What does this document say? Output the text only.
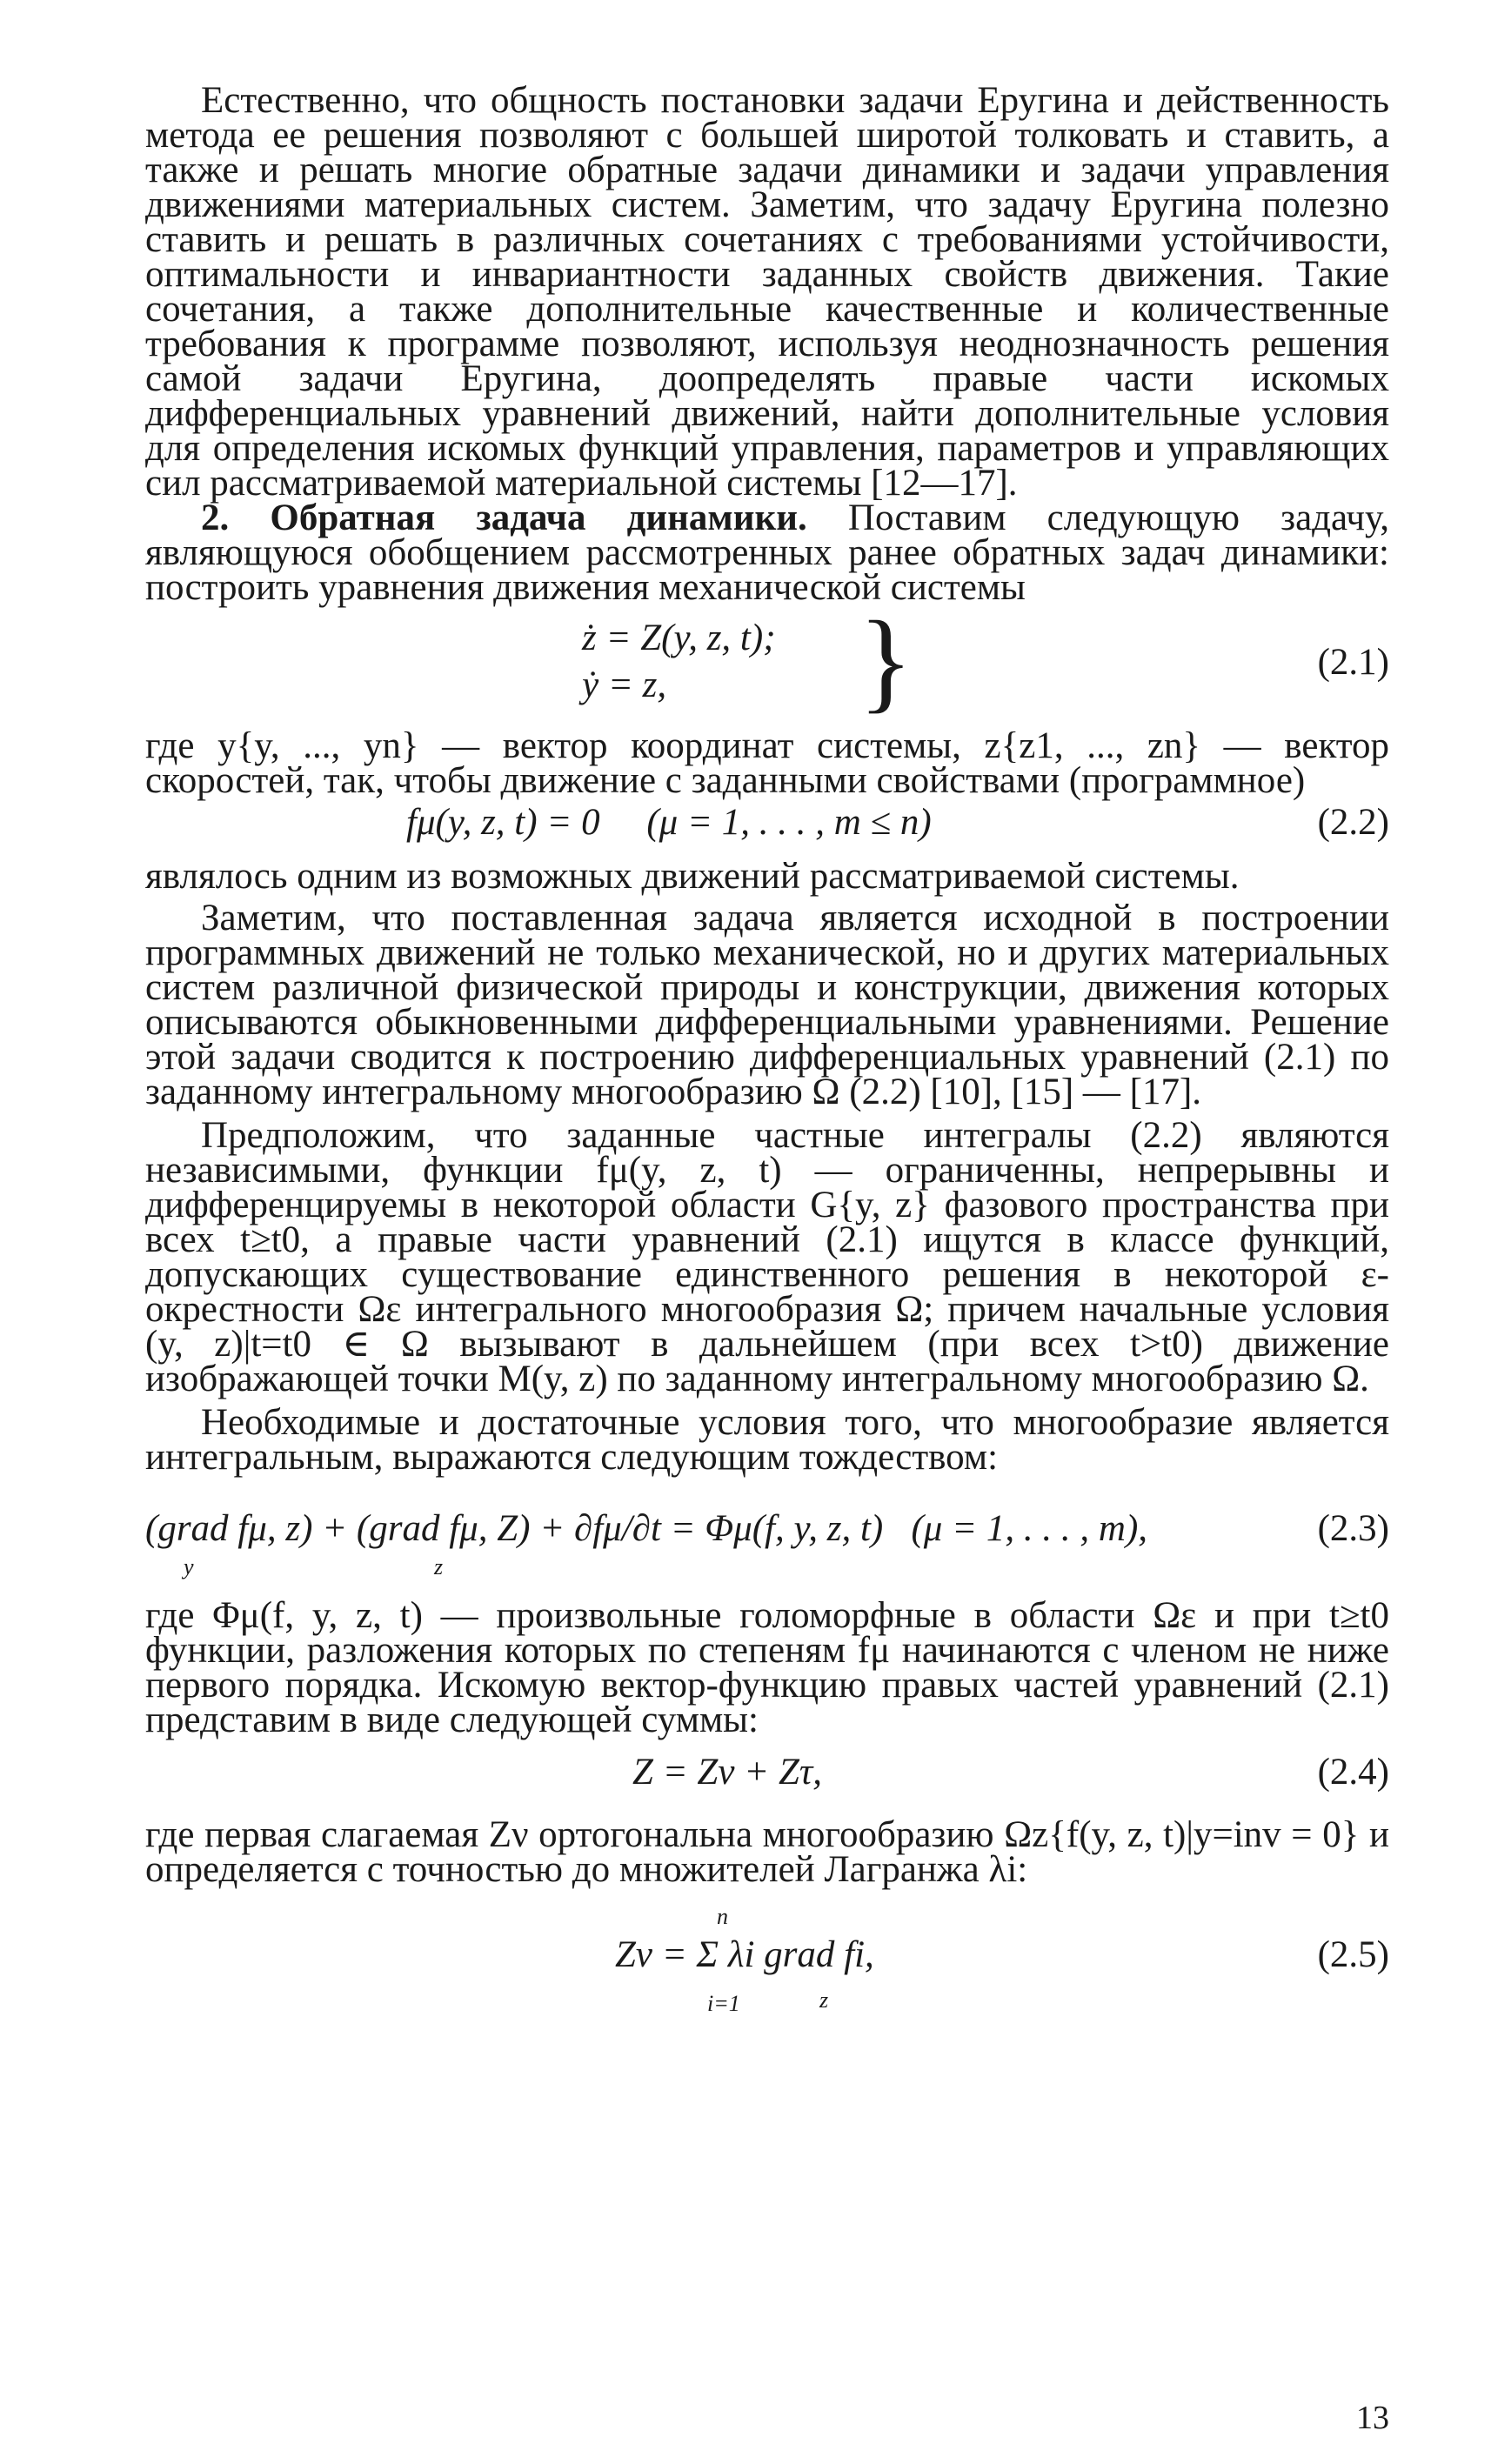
Естественно, что общность постановки задачи Еругина и действенность метода ее решения позволяют с большей широтой толковать и ставить, а также и решать многие обратные задачи динамики и задачи управления движениями материальных систем. Заметим, что задачу Еругина полезно ставить и решать в различных сочетаниях с требованиями устойчивости, оптимальности и инвариантности заданных свойств движения. Такие сочетания, а также дополнительные качественные и количественные требования к программе позволяют, используя неоднозначность решения самой задачи Еругина, доопределять правые части искомых дифференциальных уравнений движений, найти дополнительные условия для определения искомых функций управления, параметров и управляющих сил рассматриваемой материальной системы [12—17].

2. Обратная задача динамики. Поставим следующую задачу, являющуюся обобщением рассмотренных ранее обратных задач динамики: построить уравнения движения механической системы

ż = Z(y, z, t);
ẏ = z, }	(2.1)

где y{y, ..., yn} — вектор координат системы, z{z1, ..., zn} — вектор скоростей, так, чтобы движение с заданными свойствами (программное)

fμ(y, z, t) = 0     (μ = 1, . . . , m ≤ n)	(2.2)

являлось одним из возможных движений рассматриваемой системы.

Заметим, что поставленная задача является исходной в построении программных движений не только механической, но и других материальных систем различной физической природы и конструкции, движения которых описываются обыкновенными дифференциальными уравнениями. Решение этой задачи сводится к построению дифференциальных уравнений (2.1) по заданному интегральному многообразию Ω (2.2) [10], [15] — [17].

Предположим, что заданные частные интегралы (2.2) являются независимыми, функции fμ(y, z, t) — ограниченны, непрерывны и дифференцируемы в некоторой области G{y, z} фазового пространства при всех t≥t0, а правые части уравнений (2.1) ищутся в классе функций, допускающих существование единственного решения в некоторой ε-окрестности Ωε интегрального многообразия Ω; причем начальные условия (y, z)|t=t0 ∈ Ω вызывают в дальнейшем (при всех t>t0) движение изображающей точки M(y, z) по заданному интегральному многообразию Ω.

Необходимые и достаточные условия того, что многообразие является интегральным, выражаются следующим тождеством:

(grad fμ, z) + (grad fμ, Z) + ∂fμ/∂t = Φμ(f, y, z, t)   (μ = 1, . . . , m),
y	z
(2.3)

где Φμ(f, y, z, t) — произвольные голоморфные в области Ωε и при t≥t0 функции, разложения которых по степеням fμ начинаются с членом не ниже первого порядка. Искомую вектор-функцию правых частей уравнений (2.1) представим в виде следующей суммы:

Z = Zν + Zτ,	(2.4)

где первая слагаемая Zν ортогональна многообразию Ωz{f(y, z, t)|y=inv = 0} и определяется с точностью до множителей Лагранжа λi:

n
Zν = Σ λi grad fi,
i=1	z
(2.5)
13
